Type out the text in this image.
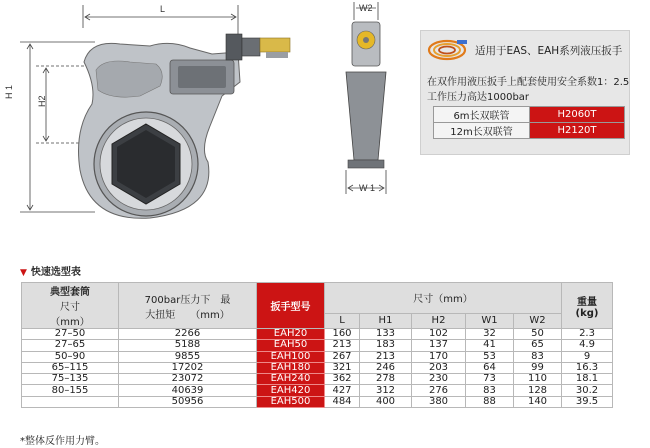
L
H 1
H2
W2
W 1
适用于EAS、EAH系列液压扳手
在双作用液压扳手上配套使用安全系数1：2.5
工作压力高达1000bar
6m长双联管	H2060T
12m长双联管	H2120T
▼ 快速选型表
典型套筒
尺寸
（mm）	700bar压力下　最
大扭矩　　（mm）	扳手型号	尺寸（mm）					重量
(kg)

			L	H1	H2	W1	W2	
27–50	2266	EAH20	160	133	102	32	50	2.3
27–65	5188	EAH50	213	183	137	41	65	4.9
50–90	9855	EAH100	267	213	170	53	83	9
65–115	17202	EAH180	321	246	203	64	99	16.3
75–135	23072	EAH240	362	278	230	73	110	18.1
80–155	40639	EAH420	427	312	276	83	128	30.2
	50956	EAH500	484	400	380	88	140	39.5
*整体反作用力臂。
